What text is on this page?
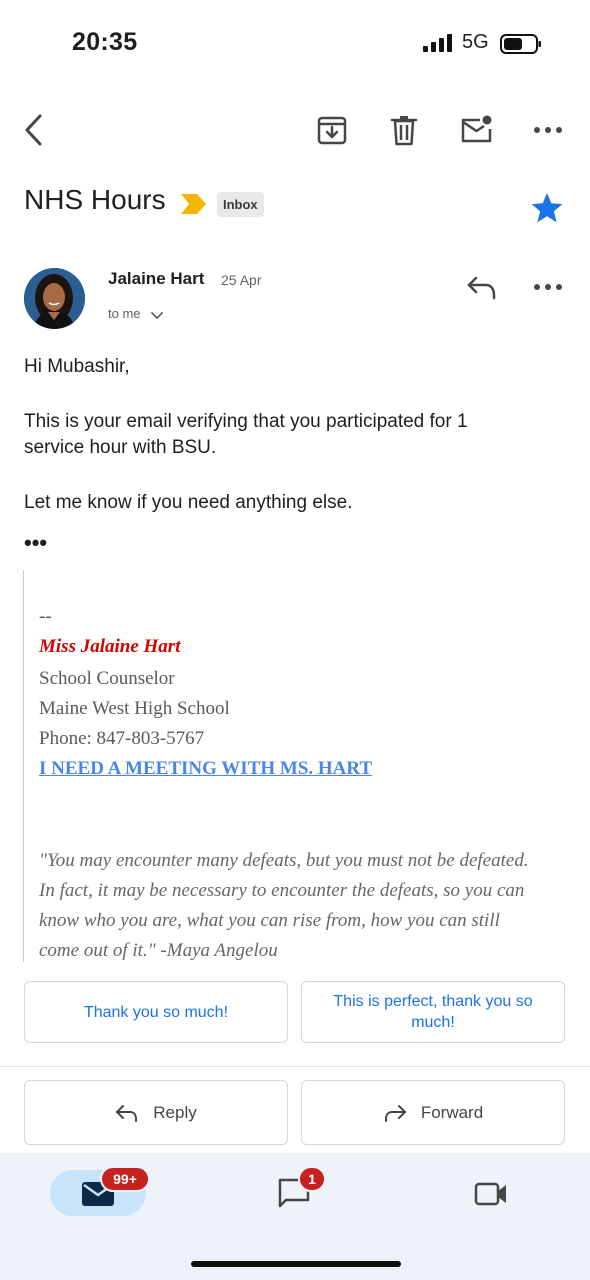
20:35	5G
NHS Hours	Inbox
Jalaine Hart 25 Apr
to me
Hi Mubashir,
This is your email verifying that you participated for 1
service hour with BSU.
Let me know if you need anything else.
•••
--
Miss Jalaine Hart
School Counselor
Maine West High School
Phone: 847-803-5767
I NEED A MEETING WITH MS. HART
"You may encounter many defeats, but you must not be defeated.
In fact, it may be necessary to encounter the defeats, so you can
know who you are, what you can rise from, how you can still
come out of it." -Maya Angelou
Thank you so much!
This is perfect, thank you so much!
Reply	Forward
99+	1
